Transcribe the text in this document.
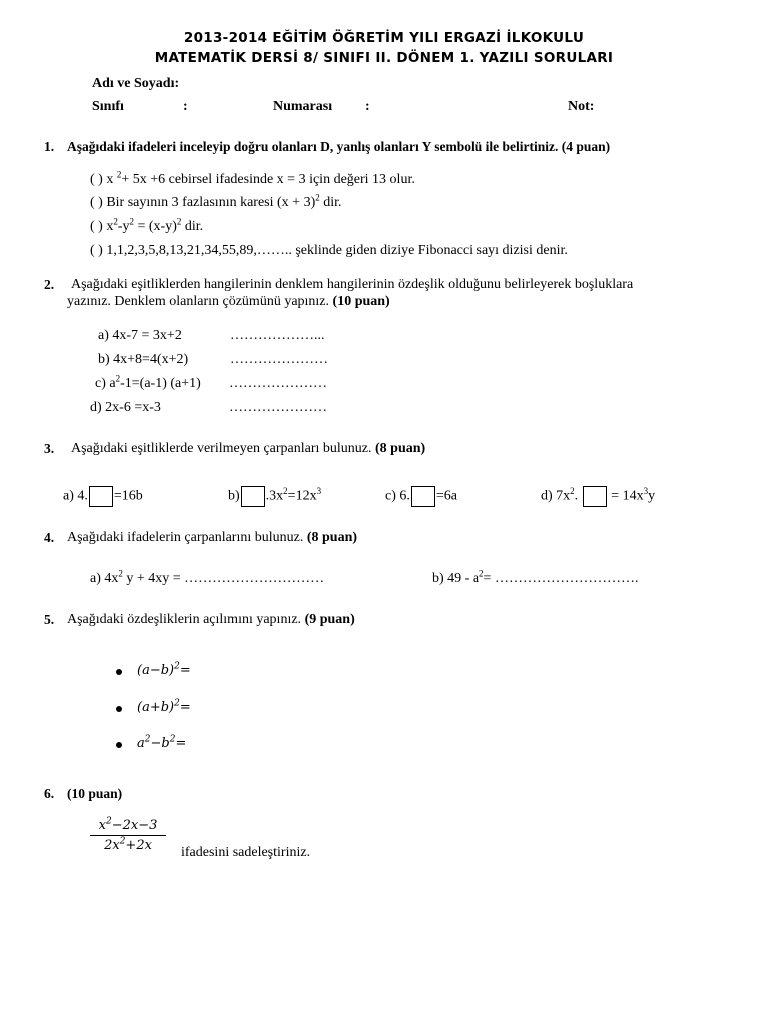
2013-2014 EĞİTİM ÖĞRETİM YILI ERGAZİ İLKOKULU
MATEMATİK DERSİ 8/ SINIFI II. DÖNEM 1. YAZILI SORULARI
Adı ve Soyadı:
Sınıfı	:	Numarası :	Not:
1. Aşağıdaki ifadeleri inceleyip doğru olanları D, yanlış olanları Y sembolü ile belirtiniz. (4 puan)
( ) x $^2$+ 5x +6 cebirsel ifadesinde x = 3 için değeri 13 olur.
( ) Bir sayının 3 fazlasının karesi $(x + 3)^2$ dir.
( ) $x^2-y^2 = (x-y)^2$ dir.
( ) 1,1,2,3,5,8,13,21,34,55,89,…….. şeklinde giden diziye Fibonacci sayı dizisi denir.
2. Aşağıdaki eşitliklerden hangilerinin denklem hangilerinin özdeşlik olduğunu belirleyerek boşluklara
yazınız. Denklem olanların çözümünü yapınız. (10 puan)
a) 4x-7 = 3x+2	………………...
b) 4x+8=4(x+2)	…………………
c) $a^2-1=(a-1)$ (a+1) …………………
d) 2x-6 =x-3	…………………
3. Aşağıdaki eşitliklerde verilmeyen çarpanları bulunuz. (8 puan)
a) 4. =16b	b) $.3x^2=12x^3$	c) 6. =6a	d) $7x^2$. = $14x^3y$
4. Aşağıdaki ifadelerin çarpanlarını bulunuz. (8 puan)
a) $4x^2$ y + 4xy = …………………………	b) $49 - a^2=$ ………………………….
5. Aşağıdaki özdeşliklerin açılımını yapınız. (9 puan)
$(a-b)^2=$
$(a+b)^2=$
$a^2-b^2=$
6. (10 puan)
$\frac{x^2-2x-3}{2x^2+2x}$ ifadesini sadeleştiriniz.
